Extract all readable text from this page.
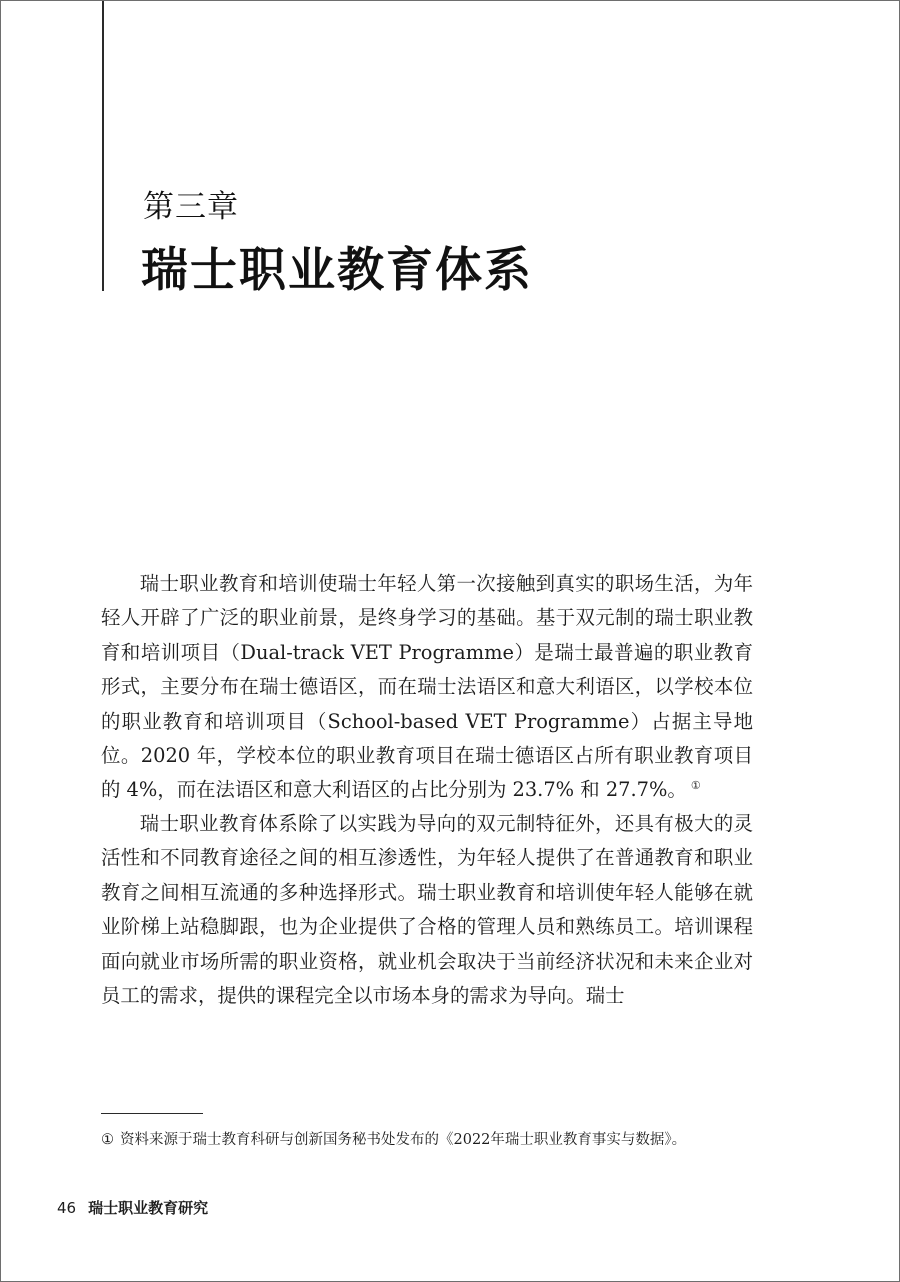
第三章
瑞士职业教育体系

瑞士职业教育和培训使瑞士年轻人第一次接触到真实的职场生活，为年轻人开辟了广泛的职业前景，是终身学习的基础。基于双元制的瑞士职业教育和培训项目（Dual-track VET Programme）是瑞士最普遍的职业教育形式，主要分布在瑞士德语区，而在瑞士法语区和意大利语区，以学校本位的职业教育和培训项目（School-based VET Programme）占据主导地位。2020 年，学校本位的职业教育项目在瑞士德语区占所有职业教育项目的 4%，而在法语区和意大利语区的占比分别为 23.7% 和 27.7%。 ①

瑞士职业教育体系除了以实践为导向的双元制特征外，还具有极大的灵活性和不同教育途径之间的相互渗透性，为年轻人提供了在普通教育和职业教育之间相互流通的多种选择形式。瑞士职业教育和培训使年轻人能够在就业阶梯上站稳脚跟，也为企业提供了合格的管理人员和熟练员工。培训课程面向就业市场所需的职业资格，就业机会取决于当前经济状况和未来企业对员工的需求，提供的课程完全以市场本身的需求为导向。瑞士

① 资料来源于瑞士教育科研与创新国务秘书处发布的《2022年瑞士职业教育事实与数据》。
46 瑞士职业教育研究
